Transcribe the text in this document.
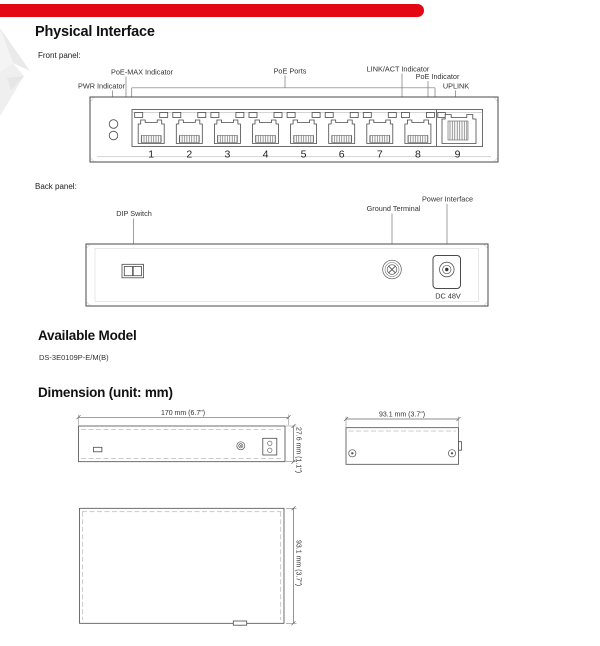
Physical Interface
Front panel:
PWR Indicator
PoE-MAX Indicator	PoE Ports	LINK/ACT Indicator
PoE Indicator
UPLINK
1	2	3	4	5	6	7	8	9
Back panel:
DIP Switch
Ground Terminal
Power Interface
DC 48V
Available Model
DS-3E0109P-E/M(B)
Dimension (unit: mm)
170 mm (6.7")
27.6 mm (1.1")
93.1 mm (3.7")
93.1 mm (3.7")
